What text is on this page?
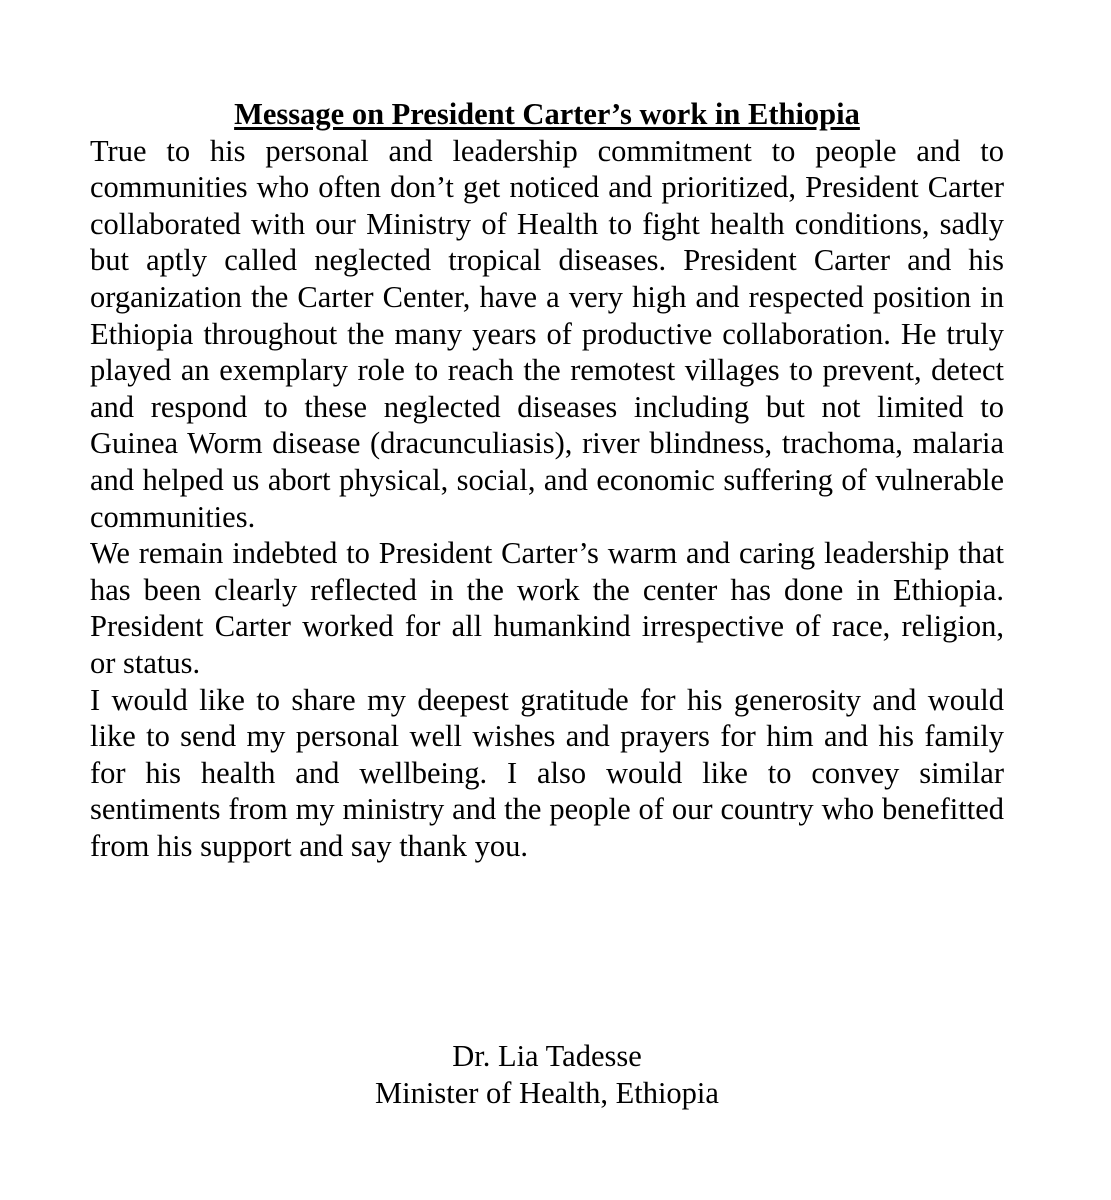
Message on President Carter’s work in Ethiopia

True to his personal and leadership commitment to people and to communities who often don’t get noticed and prioritized, President Carter collaborated with our Ministry of Health to fight health conditions, sadly but aptly called neglected tropical diseases. President Carter and his organization the Carter Center, have a very high and respected position in Ethiopia throughout the many years of productive collaboration. He truly played an exemplary role to reach the remotest villages to prevent, detect and respond to these neglected diseases including but not limited to Guinea Worm disease (dracunculiasis), river blindness, trachoma, malaria and helped us abort physical, social, and economic suffering of vulnerable communities.

We remain indebted to President Carter’s warm and caring leadership that has been clearly reflected in the work the center has done in Ethiopia. President Carter worked for all humankind irrespective of race, religion, or status.

I would like to share my deepest gratitude for his generosity and would like to send my personal well wishes and prayers for him and his family for his health and wellbeing. I also would like to convey similar sentiments from my ministry and the people of our country who benefitted from his support and say thank you.

Dr. Lia Tadesse
Minister of Health, Ethiopia
